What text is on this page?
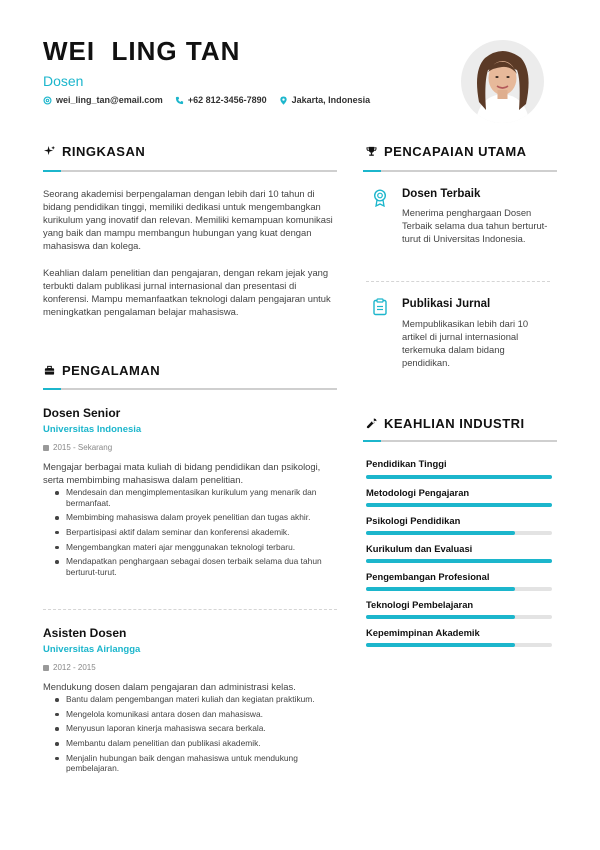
WEI  LING TAN
Dosen
wei_ling_tan@email.com	+62 812-3456-7890	Jakarta, Indonesia
RINGKASAN
Seorang akademisi berpengalaman dengan lebih dari 10 tahun di bidang pendidikan tinggi, memiliki dedikasi untuk mengembangkan kurikulum yang inovatif dan relevan. Memiliki kemampuan komunikasi yang baik dan mampu membangun hubungan yang kuat dengan mahasiswa dan kolega.
Keahlian dalam penelitian dan pengajaran, dengan rekam jejak yang terbukti dalam publikasi jurnal internasional dan presentasi di konferensi. Mampu memanfaatkan teknologi dalam pengajaran untuk meningkatkan pengalaman belajar mahasiswa.
PENGALAMAN
Dosen Senior
Universitas Indonesia
2015 - Sekarang
Mengajar berbagai mata kuliah di bidang pendidikan dan psikologi, serta membimbing mahasiswa dalam penelitian.
Mendesain dan mengimplementasikan kurikulum yang menarik dan bermanfaat.
Membimbing mahasiswa dalam proyek penelitian dan tugas akhir.
Berpartisipasi aktif dalam seminar dan konferensi akademik.
Mengembangkan materi ajar menggunakan teknologi terbaru.
Mendapatkan penghargaan sebagai dosen terbaik selama dua tahun berturut-turut.
Asisten Dosen
Universitas Airlangga
2012 - 2015
Mendukung dosen dalam pengajaran dan administrasi kelas.
Bantu dalam pengembangan materi kuliah dan kegiatan praktikum.
Mengelola komunikasi antara dosen dan mahasiswa.
Menyusun laporan kinerja mahasiswa secara berkala.
Membantu dalam penelitian dan publikasi akademik.
Menjalin hubungan baik dengan mahasiswa untuk mendukung pembelajaran.
PENCAPAIAN UTAMA
Dosen Terbaik
Menerima penghargaan Dosen Terbaik selama dua tahun berturut-turut di Universitas Indonesia.
Publikasi Jurnal
Mempublikasikan lebih dari 10 artikel di jurnal internasional terkemuka dalam bidang pendidikan.
KEAHLIAN INDUSTRI
Pendidikan Tinggi
Metodologi Pengajaran
Psikologi Pendidikan
Kurikulum dan Evaluasi
Pengembangan Profesional
Teknologi Pembelajaran
Kepemimpinan Akademik
